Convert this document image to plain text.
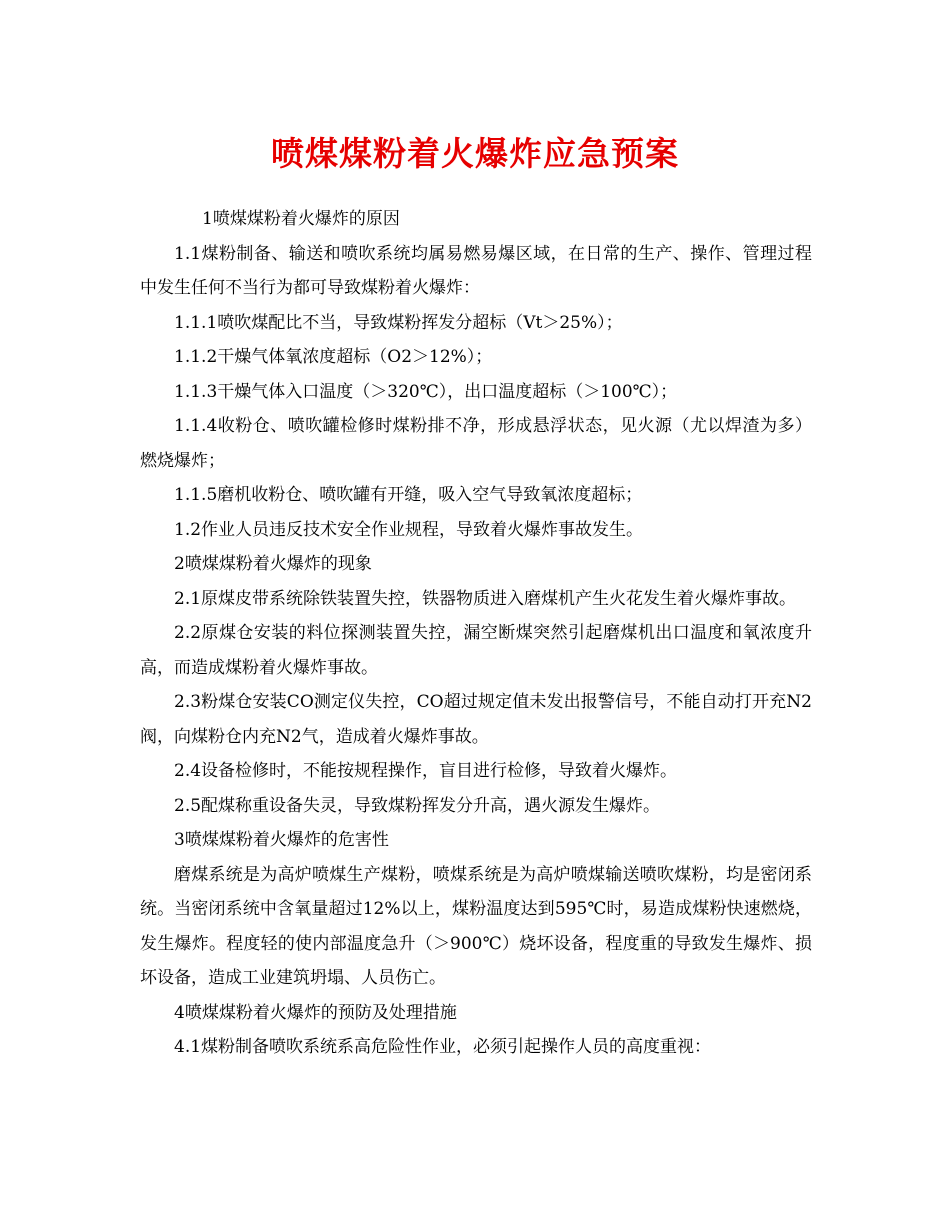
喷煤煤粉着火爆炸应急预案

1喷煤煤粉着火爆炸的原因

1.1煤粉制备、输送和喷吹系统均属易燃易爆区域，在日常的生产、操作、管理过程中发生任何不当行为都可导致煤粉着火爆炸：

1.1.1喷吹煤配比不当，导致煤粉挥发分超标（Vt＞25%）；

1.1.2干燥气体氧浓度超标（O2＞12%）；

1.1.3干燥气体入口温度（＞320℃），出口温度超标（＞100℃）；

1.1.4收粉仓、喷吹罐检修时煤粉排不净，形成悬浮状态，见火源（尤以焊渣为多）燃烧爆炸；

1.1.5磨机收粉仓、喷吹罐有开缝，吸入空气导致氧浓度超标；

1.2作业人员违反技术安全作业规程，导致着火爆炸事故发生。

2喷煤煤粉着火爆炸的现象

2.1原煤皮带系统除铁装置失控，铁器物质进入磨煤机产生火花发生着火爆炸事故。

2.2原煤仓安装的料位探测装置失控，漏空断煤突然引起磨煤机出口温度和氧浓度升高，而造成煤粉着火爆炸事故。

2.3粉煤仓安装CO测定仪失控，CO超过规定值未发出报警信号，不能自动打开充N2阀，向煤粉仓内充N2气，造成着火爆炸事故。

2.4设备检修时，不能按规程操作，盲目进行检修，导致着火爆炸。

2.5配煤称重设备失灵，导致煤粉挥发分升高，遇火源发生爆炸。

3喷煤煤粉着火爆炸的危害性

磨煤系统是为高炉喷煤生产煤粉，喷煤系统是为高炉喷煤输送喷吹煤粉，均是密闭系统。当密闭系统中含氧量超过12%以上，煤粉温度达到595℃时，易造成煤粉快速燃烧，发生爆炸。程度轻的使内部温度急升（＞900℃）烧坏设备，程度重的导致发生爆炸、损坏设备，造成工业建筑坍塌、人员伤亡。

4喷煤煤粉着火爆炸的预防及处理措施

4.1煤粉制备喷吹系统系高危险性作业，必须引起操作人员的高度重视：
